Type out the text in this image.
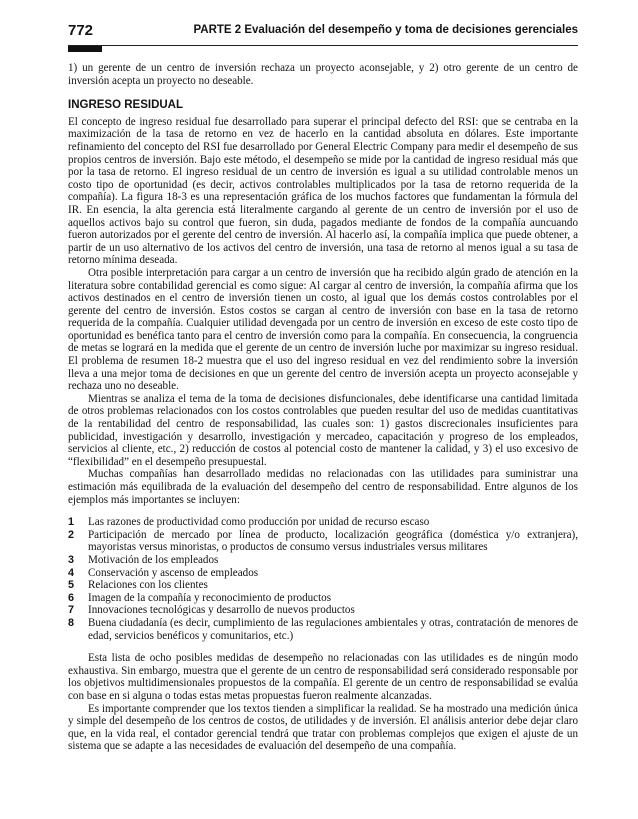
772	PARTE 2 Evaluación del desempeño y toma de decisiones gerenciales

1) un gerente de un centro de inversión rechaza un proyecto aconsejable, y 2) otro gerente de un centro de inversión acepta un proyecto no deseable.

INGRESO RESIDUAL

El concepto de ingreso residual fue desarrollado para superar el principal defecto del RSI: que se centraba en la maximización de la tasa de retorno en vez de hacerlo en la cantidad absoluta en dólares. Este importante refinamiento del concepto del RSI fue desarrollado por General Electric Company para medir el desempeño de sus propios centros de inversión. Bajo este método, el desempeño se mide por la cantidad de ingreso residual más que por la tasa de retorno. El ingreso residual de un centro de inversión es igual a su utilidad controlable menos un costo tipo de oportunidad (es decir, activos controlables multiplicados por la tasa de retorno requerida de la compañía). La figura 18-3 es una representación gráfica de los muchos factores que fundamentan la fórmula del IR. En esencia, la alta gerencia está literalmente cargando al gerente de un centro de inversión por el uso de aquellos activos bajo su control que fueron, sin duda, pagados mediante de fondos de la compañía auncuando fueron autorizados por el gerente del centro de inversión. Al hacerlo así, la compañía implica que puede obtener, a partir de un uso alternativo de los activos del centro de inversión, una tasa de retorno al menos igual a su tasa de retorno mínima deseada.

Otra posible interpretación para cargar a un centro de inversión que ha recibido algún grado de atención en la literatura sobre contabilidad gerencial es como sigue: Al cargar al centro de inversión, la compañía afirma que los activos destinados en el centro de inversión tienen un costo, al igual que los demás costos controlables por el gerente del centro de inversión. Estos costos se cargan al centro de inversión con base en la tasa de retorno requerida de la compañía. Cualquier utilidad devengada por un centro de inversión en exceso de este costo tipo de oportunidad es benéfica tanto para el centro de inversión como para la compañía. En consecuencia, la congruencia de metas se logrará en la medida que el gerente de un centro de inversión luche por maximizar su ingreso residual. El problema de resumen 18-2 muestra que el uso del ingreso residual en vez del rendimiento sobre la inversión lleva a una mejor toma de decisiones en que un gerente del centro de inversión acepta un proyecto aconsejable y rechaza uno no deseable.

Mientras se analiza el tema de la toma de decisiones disfuncionales, debe identificarse una cantidad limitada de otros problemas relacionados con los costos controlables que pueden resultar del uso de medidas cuantitativas de la rentabilidad del centro de responsabilidad, las cuales son: 1) gastos discrecionales insuficientes para publicidad, investigación y desarrollo, investigación y mercadeo, capacitación y progreso de los empleados, servicios al cliente, etc., 2) reducción de costos al potencial costo de mantener la calidad, y 3) el uso excesivo de “flexibilidad” en el desempeño presupuestal.

Muchas compañías han desarrollado medidas no relacionadas con las utilidades para suministrar una estimación más equilibrada de la evaluación del desempeño del centro de responsabilidad. Entre algunos de los ejemplos más importantes se incluyen:

1	Las razones de productividad como producción por unidad de recurso escaso
2	Participación de mercado por línea de producto, localización geográfica (doméstica y/o extranjera), mayoristas versus minoristas, o productos de consumo versus industriales versus militares
3	Motivación de los empleados
4	Conservación y ascenso de empleados
5	Relaciones con los clientes
6	Imagen de la compañía y reconocimiento de productos
7	Innovaciones tecnológicas y desarrollo de nuevos productos
8	Buena ciudadanía (es decir, cumplimiento de las regulaciones ambientales y otras, contratación de menores de edad, servicios benéficos y comunitarios, etc.)

Esta lista de ocho posibles medidas de desempeño no relacionadas con las utilidades es de ningún modo exhaustiva. Sin embargo, muestra que el gerente de un centro de responsabilidad será considerado responsable por los objetivos multidimensionales propuestos de la compañía. El gerente de un centro de responsabilidad se evalúa con base en si alguna o todas estas metas propuestas fueron realmente alcanzadas.

Es importante comprender que los textos tienden a simplificar la realidad. Se ha mostrado una medición única y simple del desempeño de los centros de costos, de utilidades y de inversión. El análisis anterior debe dejar claro que, en la vida real, el contador gerencial tendrá que tratar con problemas complejos que exigen el ajuste de un sistema que se adapte a las necesidades de evaluación del desempeño de una compañía.
